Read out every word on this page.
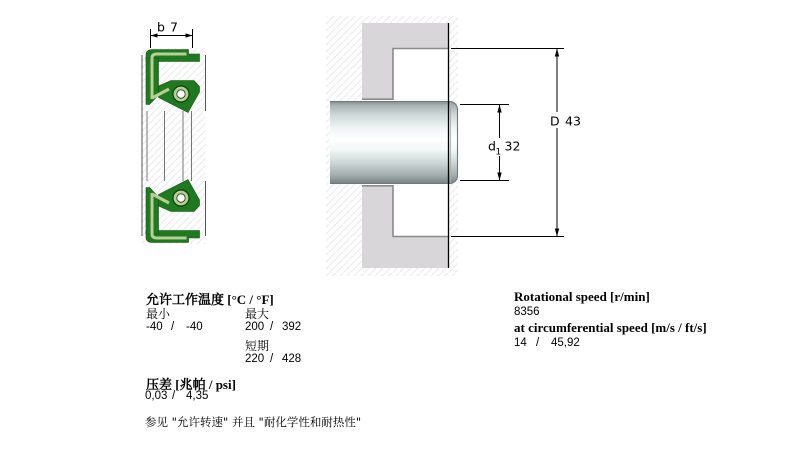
b 7
D 43
d 1 32
允许工作温度 [°C / °F]
最小	最大
-40 / -40	200 / 392
短期
220 / 428
压差 [兆帕 / psi]
0,03 / 4,35
参见 "允许转速" 并且 "耐化学性和耐热性"
Rotational speed [r/min]
8356
at circumferential speed [m/s / ft/s]
14 / 45,92
